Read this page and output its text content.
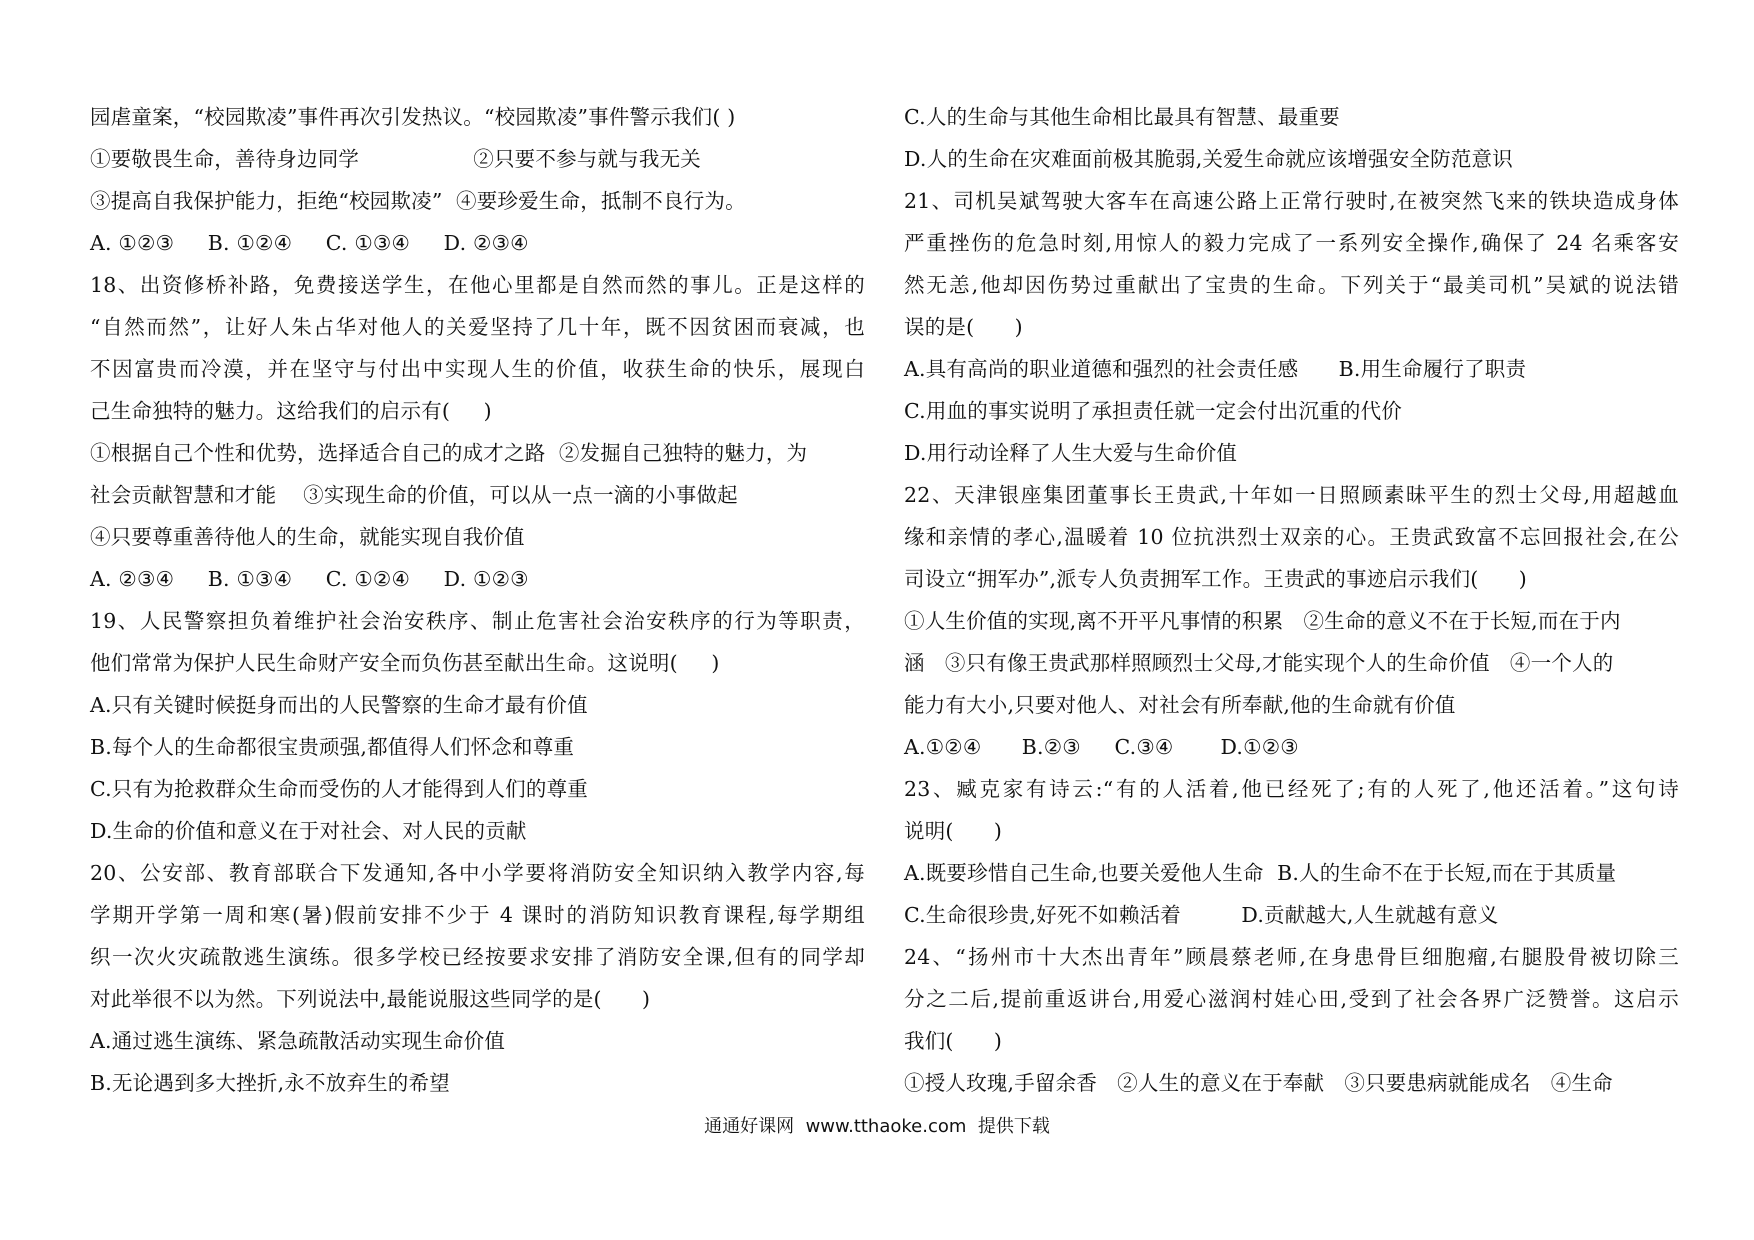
园虐童案，“校园欺凌”事件再次引发热议。“校园欺凌”事件警示我们( )
①要敬畏生命，善待身边同学                 ②只要不参与就与我无关
③提高自我保护能力，拒绝“校园欺凌”  ④要珍爱生命，抵制不良行为。
A. ①②③     B. ①②④     C. ①③④     D. ②③④
18、出资修桥补路，免费接送学生，在他心里都是自然而然的事儿。正是这样的
“自然而然”，让好人朱占华对他人的关爱坚持了几十年，既不因贫困而衰减，也
不因富贵而冷漠，并在坚守与付出中实现人生的价值，收获生命的快乐，展现白
己生命独特的魅力。这给我们的启示有(     )
①根据自己个性和优势，选择适合自己的成才之路  ②发掘自己独特的魅力，为
社会贡献智慧和才能    ③实现生命的价值，可以从一点一滴的小事做起
④只要尊重善待他人的生命，就能实现自我价值
A. ②③④     B. ①③④     C. ①②④     D. ①②③
19、人民警察担负着维护社会治安秩序、制止危害社会治安秩序的行为等职责，
他们常常为保护人民生命财产安全而负伤甚至献出生命。这说明(     )
A.只有关键时候挺身而出的人民警察的生命才最有价值
B.每个人的生命都很宝贵顽强,都值得人们怀念和尊重
C.只有为抢救群众生命而受伤的人才能得到人们的尊重
D.生命的价值和意义在于对社会、对人民的贡献
20、公安部、教育部联合下发通知,各中小学要将消防安全知识纳入教学内容,每
学期开学第一周和寒(暑)假前安排不少于 4 课时的消防知识教育课程,每学期组
织一次火灾疏散逃生演练。很多学校已经按要求安排了消防安全课,但有的同学却
对此举很不以为然。下列说法中,最能说服这些同学的是(      )
A.通过逃生演练、紧急疏散活动实现生命价值
B.无论遇到多大挫折,永不放弃生的希望
C.人的生命与其他生命相比最具有智慧、最重要
D.人的生命在灾难面前极其脆弱,关爱生命就应该增强安全防范意识
21、司机吴斌驾驶大客车在高速公路上正常行驶时,在被突然飞来的铁块造成身体
严重挫伤的危急时刻,用惊人的毅力完成了一系列安全操作,确保了 24 名乘客安
然无恙,他却因伤势过重献出了宝贵的生命。下列关于“最美司机”吴斌的说法错
误的是(      )
A.具有高尚的职业道德和强烈的社会责任感      B.用生命履行了职责
C.用血的事实说明了承担责任就一定会付出沉重的代价
D.用行动诠释了人生大爱与生命价值
22、天津银座集团董事长王贵武,十年如一日照顾素昧平生的烈士父母,用超越血
缘和亲情的孝心,温暖着 10 位抗洪烈士双亲的心。王贵武致富不忘回报社会,在公
司设立“拥军办”,派专人负责拥军工作。王贵武的事迹启示我们(      )
①人生价值的实现,离不开平凡事情的积累   ②生命的意义不在于长短,而在于内
涵   ③只有像王贵武那样照顾烈士父母,才能实现个人的生命价值   ④一个人的
能力有大小,只要对他人、对社会有所奉献,他的生命就有价值
A.①②④      B.②③     C.③④       D.①②③
23、臧克家有诗云:“有的人活着,他已经死了;有的人死了,他还活着。”这句诗
说明(      )
A.既要珍惜自己生命,也要关爱他人生命  B.人的生命不在于长短,而在于其质量
C.生命很珍贵,好死不如赖活着         D.贡献越大,人生就越有意义
24、“扬州市十大杰出青年”顾晨蔡老师,在身患骨巨细胞瘤,右腿股骨被切除三
分之二后,提前重返讲台,用爱心滋润村娃心田,受到了社会各界广泛赞誉。这启示
我们(      )
①授人玫瑰,手留余香   ②人生的意义在于奉献   ③只要患病就能成名   ④生命
通通好课网  www.tthaoke.com  提供下载
